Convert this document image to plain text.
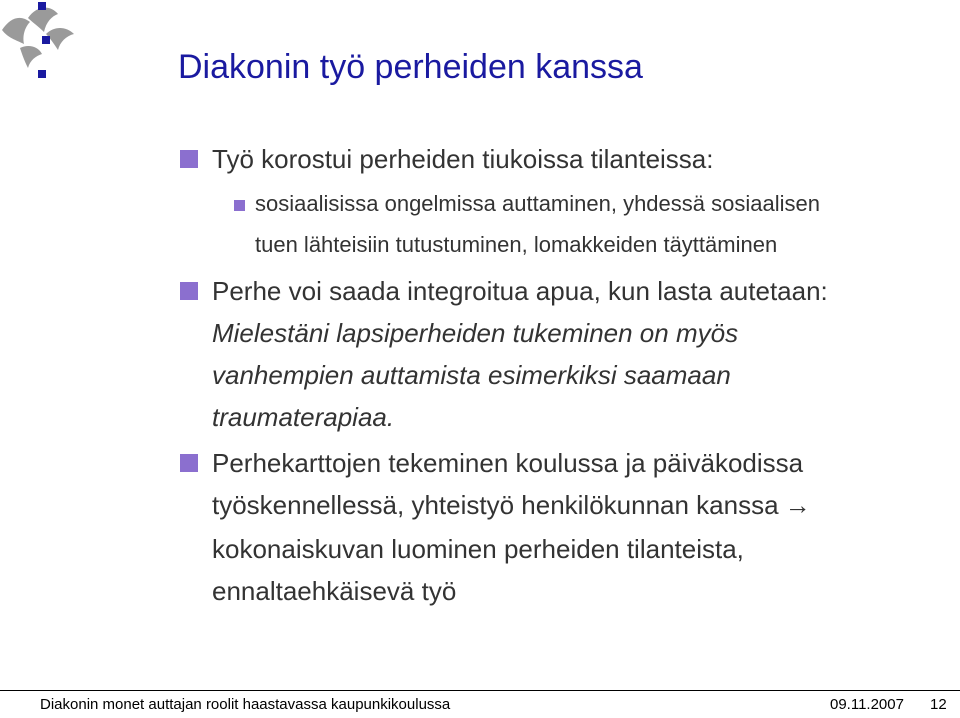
Diakonin työ perheiden kanssa
Työ korostui perheiden tiukoissa tilanteissa:
sosiaalisissa ongelmissa auttaminen, yhdessä sosiaalisen
tuen lähteisiin tutustuminen, lomakkeiden täyttäminen
Perhe voi saada integroitua apua, kun lasta autetaan:
Mielestäni lapsiperheiden tukeminen on myös
vanhempien auttamista esimerkiksi saamaan
traumaterapiaa.
Perhekarttojen tekeminen koulussa ja päiväkodissa
työskennellessä, yhteistyö henkilökunnan kanssa →
kokonaiskuvan luominen perheiden tilanteista,
ennaltaehkäisevä työ
Diakonin monet auttajan roolit haastavassa kaupunkikoulussa	09.11.2007 12
